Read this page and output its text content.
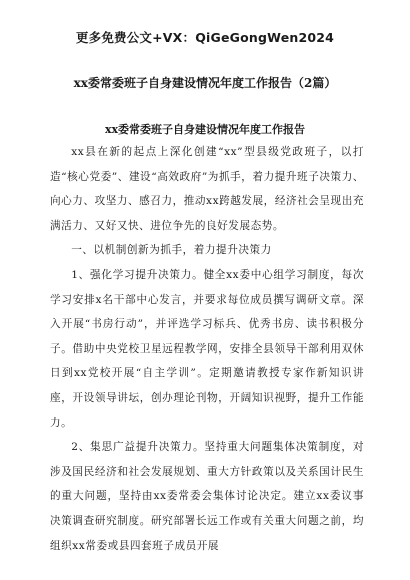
更多免费公文+VX：QiGeGongWen2024
xx委常委班子自身建设情况年度工作报告（2篇）
xx委常委班子自身建设情况年度工作报告

xx县在新的起点上深化创建“xx”型县级党政班子，以打造“核心党委”、建设“高效政府”为抓手，着力提升班子决策力、向心力、攻坚力、感召力，推动xx跨越发展，经济社会呈现出充满活力、又好又快、进位争先的良好发展态势。

一、以机制创新为抓手，着力提升决策力

1、强化学习提升决策力。健全xx委中心组学习制度，每次学习安排x名干部中心发言，并要求每位成员撰写调研文章。深入开展“书房行动”，并评选学习标兵、优秀书房、读书积极分子。借助中央党校卫星远程教学网，安排全县领导干部利用双休日到xx党校开展“自主学训”。定期邀请教授专家作新知识讲座，开设领导讲坛，创办理论刊物，开阔知识视野，提升工作能力。

2、集思广益提升决策力。坚持重大问题集体决策制度，对涉及国民经济和社会发展规划、重大方针政策以及关系国计民生的重大问题，坚持由xx委常委会集体讨论决定。建立xx委议事决策调查研究制度。研究部署长远工作或有关重大问题之前，均组织xx常委或县四套班子成员开展
